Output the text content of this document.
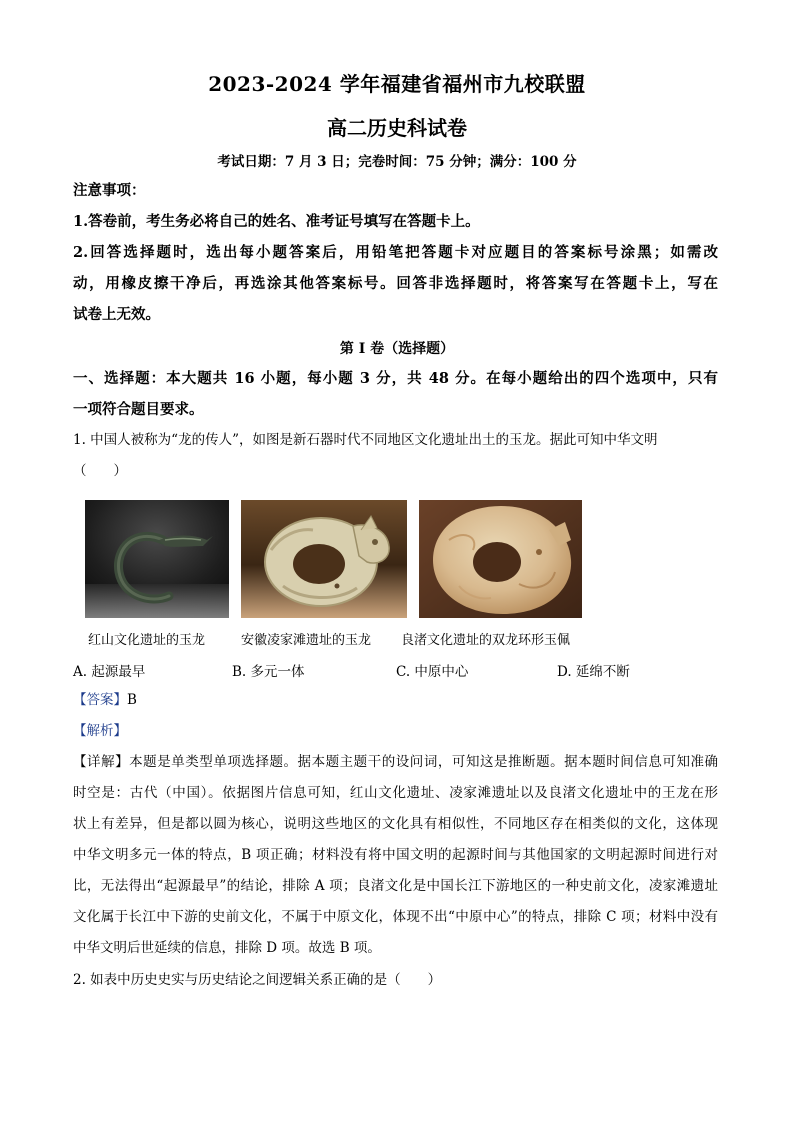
2023-2024 学年福建省福州市九校联盟
高二历史科试卷
考试日期：7 月 3 日；完卷时间：75 分钟；满分：100 分
注意事项：
1.答卷前，考生务必将自己的姓名、准考证号填写在答题卡上。
2.回答选择题时，选出每小题答案后，用铅笔把答题卡对应题目的答案标号涂黑；如需改
动，用橡皮擦干净后，再选涂其他答案标号。回答非选择题时，将答案写在答题卡上，写在
试卷上无效。
第 I 卷（选择题）
一、选择题：本大题共 16 小题，每小题 3 分，共 48 分。在每小题给出的四个选项中，只有
一项符合题目要求。
1. 中国人被称为“龙的传人”，如图是新石器时代不同地区文化遗址出土的玉龙。据此可知中华文明
（　　）
红山文化遗址的玉龙	安徽凌家滩遗址的玉龙 良渚文化遗址的双龙环形玉佩
A. 起源最早	B. 多元一体	C. 中原中心	D. 延绵不断
【答案】B
【解析】
【详解】本题是单类型单项选择题。据本题主题干的设问词，可知这是推断题。据本题时间信息可知准确
时空是：古代（中国）。依据图片信息可知，红山文化遗址、凌家滩遗址以及良渚文化遗址中的王龙在形
状上有差异，但是都以圆为核心，说明这些地区的文化具有相似性，不同地区存在相类似的文化，这体现
中华文明多元一体的特点，B 项正确；材料没有将中国文明的起源时间与其他国家的文明起源时间进行对
比，无法得出“起源最早”的结论，排除 A 项；良渚文化是中国长江下游地区的一种史前文化，凌家滩遗址
文化属于长江中下游的史前文化，不属于中原文化，体现不出“中原中心”的特点，排除 C 项；材料中没有
中华文明后世延续的信息，排除 D 项。故选 B 项。
2. 如表中历史史实与历史结论之间逻辑关系正确的是（　　）
